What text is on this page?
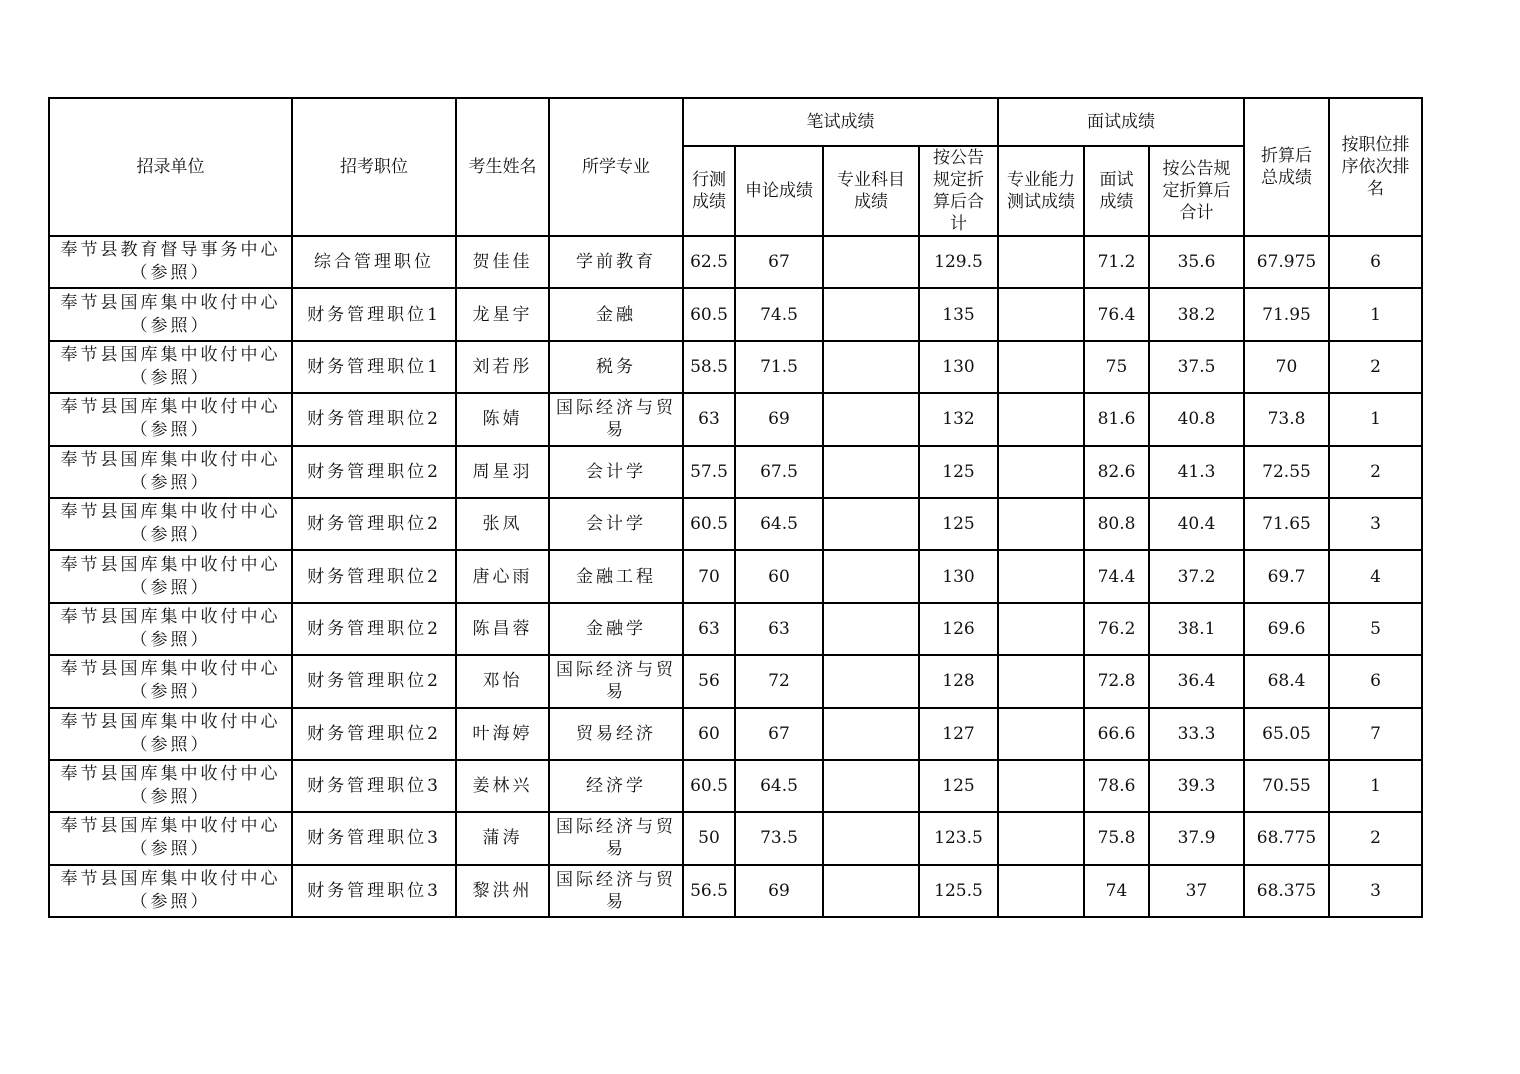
招录单位	招考职位	考生姓名	所学专业	笔试成绩				面试成绩			折算后总成绩	按职位排序依次排名
				行测成绩	申论成绩	专业科目成绩	按公告规定折算后合计	专业能力测试成绩	面试成绩	按公告规定折算后合计		
奉节县教育督导事务中心（参照）	综合管理职位	贺佳佳	学前教育	62.5	67		129.5		71.2	35.6	67.975	6
奉节县国库集中收付中心（参照）	财务管理职位1	龙星宇	金融	60.5	74.5		135		76.4	38.2	71.95	1
奉节县国库集中收付中心（参照）	财务管理职位1	刘若彤	税务	58.5	71.5		130		75	37.5	70	2
奉节县国库集中收付中心（参照）	财务管理职位2	陈婧	国际经济与贸易	63	69		132		81.6	40.8	73.8	1
奉节县国库集中收付中心（参照）	财务管理职位2	周星羽	会计学	57.5	67.5		125		82.6	41.3	72.55	2
奉节县国库集中收付中心（参照）	财务管理职位2	张凤	会计学	60.5	64.5		125		80.8	40.4	71.65	3
奉节县国库集中收付中心（参照）	财务管理职位2	唐心雨	金融工程	70	60		130		74.4	37.2	69.7	4
奉节县国库集中收付中心（参照）	财务管理职位2	陈昌蓉	金融学	63	63		126		76.2	38.1	69.6	5
奉节县国库集中收付中心（参照）	财务管理职位2	邓怡	国际经济与贸易	56	72		128		72.8	36.4	68.4	6
奉节县国库集中收付中心（参照）	财务管理职位2	叶海婷	贸易经济	60	67		127		66.6	33.3	65.05	7
奉节县国库集中收付中心（参照）	财务管理职位3	姜林兴	经济学	60.5	64.5		125		78.6	39.3	70.55	1
奉节县国库集中收付中心（参照）	财务管理职位3	蒲涛	国际经济与贸易	50	73.5		123.5		75.8	37.9	68.775	2
奉节县国库集中收付中心（参照）	财务管理职位3	黎洪州	国际经济与贸易	56.5	69		125.5		74	37	68.375	3
